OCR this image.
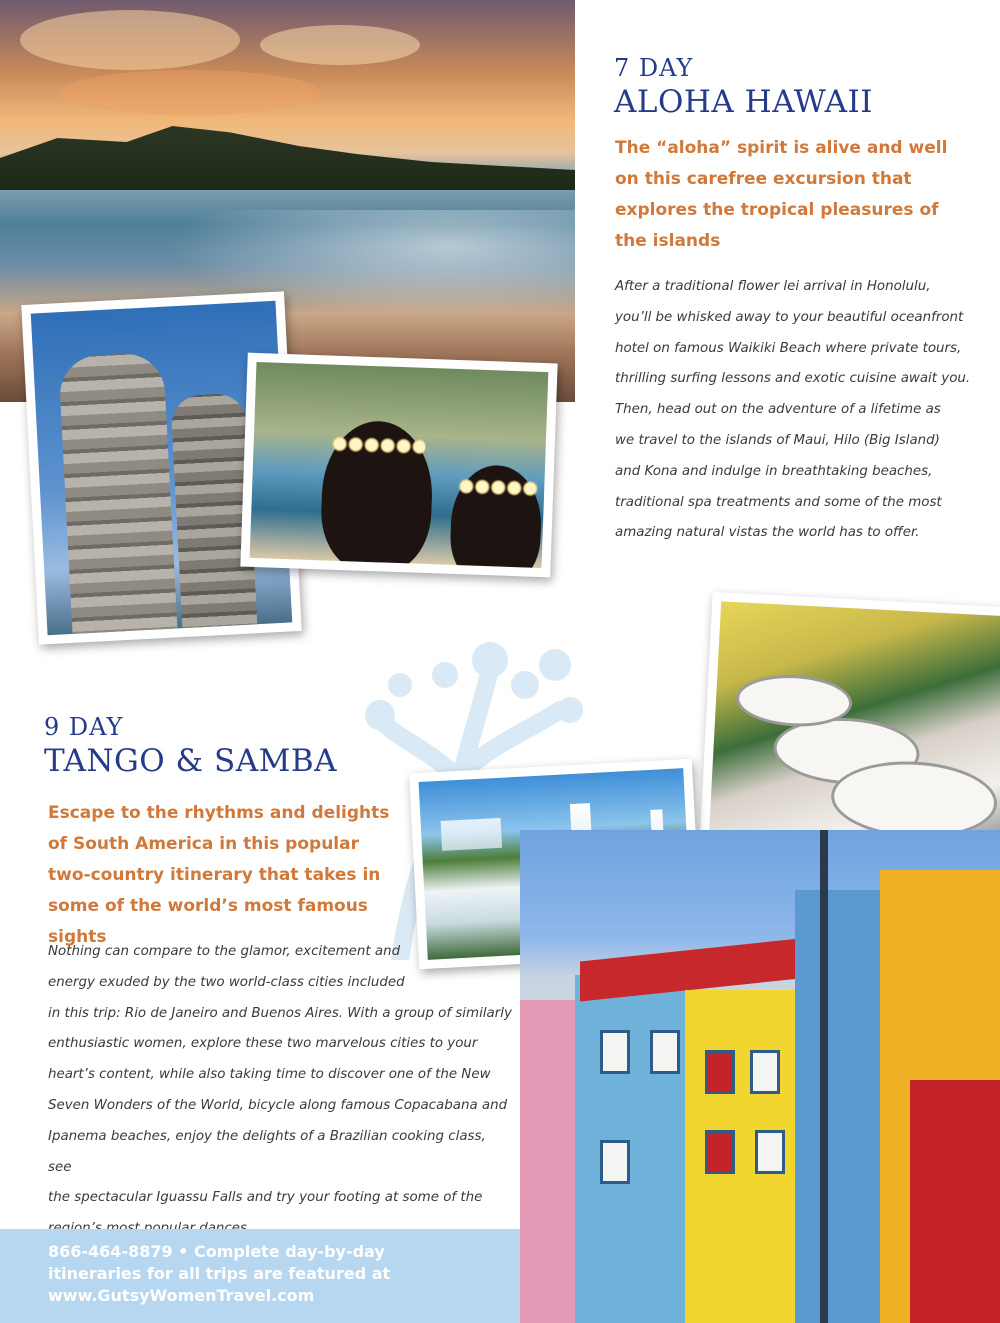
7 DAY
ALOHA HAWAII
The “aloha” spirit is alive and well
on this carefree excursion that
explores the tropical pleasures of
the islands
After a traditional flower lei arrival in Honolulu,
you’ll be whisked away to your beautiful oceanfront
hotel on famous Waikiki Beach where private tours,
thrilling surfing lessons and exotic cuisine await you.
Then, head out on the adventure of a lifetime as
we travel to the islands of Maui, Hilo (Big Island)
and Kona and indulge in breathtaking beaches,
traditional spa treatments and some of the most
amazing natural vistas the world has to offer.
9 DAY
TANGO & SAMBA
Escape to the rhythms and delights
of South America in this popular
two-country itinerary that takes in
some of the world’s most famous sights
Nothing can compare to the glamor, excitement and
energy exuded by the two world-class cities included
in this trip: Rio de Janeiro and Buenos Aires. With a group of similarly
enthusiastic women, explore these two marvelous cities to your
heart’s content, while also taking time to discover one of the New
Seven Wonders of the World, bicycle along famous Copacabana and
Ipanema beaches, enjoy the delights of a Brazilian cooking class, see
the spectacular Iguassu Falls and try your footing at some of the
866-464-8879 • Complete day-by-day
itineraries for all trips are featured at
www.GutsyWomenTravel.com
